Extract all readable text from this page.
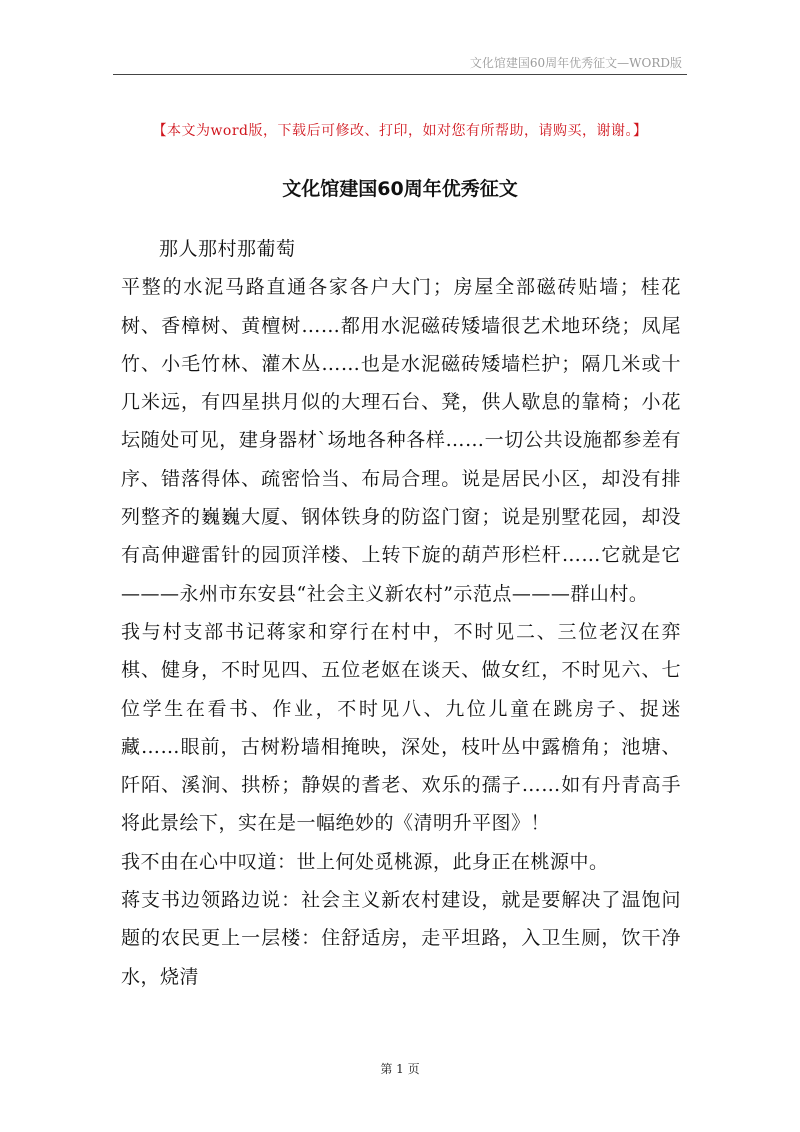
文化馆建国60周年优秀征文—WORD版
【本文为word版，下载后可修改、打印，如对您有所帮助，请购买，谢谢。】
文化馆建国60周年优秀征文

那人那村那葡萄

平整的水泥马路直通各家各户大门；房屋全部磁砖贴墙；桂花树、香樟树、黄檀树……都用水泥磁砖矮墙很艺术地环绕；凤尾竹、小毛竹林、灌木丛……也是水泥磁砖矮墙栏护；隔几米或十几米远，有四星拱月似的大理石台、凳，供人歇息的靠椅；小花坛随处可见，建身器材`场地各种各样……一切公共设施都参差有序、错落得体、疏密恰当、布局合理。说是居民小区，却没有排列整齐的巍巍大厦、钢体铁身的防盗门窗；说是别墅花园，却没有高伸避雷针的园顶洋楼、上转下旋的葫芦形栏杆……它就是它———永州市东安县“社会主义新农村”示范点———群山村。

我与村支部书记蒋家和穿行在村中，不时见二、三位老汉在弈棋、健身，不时见四、五位老妪在谈天、做女红，不时见六、七位学生在看书、作业，不时见八、九位儿童在跳房子、捉迷藏……眼前，古树粉墙相掩映，深处，枝叶丛中露檐角；池塘、阡陌、溪涧、拱桥；静娱的耆老、欢乐的孺子……如有丹青高手将此景绘下，实在是一幅绝妙的《清明升平图》！

我不由在心中叹道：世上何处觅桃源，此身正在桃源中。

蒋支书边领路边说：社会主义新农村建设，就是要解决了温饱问题的农民更上一层楼：住舒适房，走平坦路，入卫生厕，饮干净水，烧清

第 1 页
